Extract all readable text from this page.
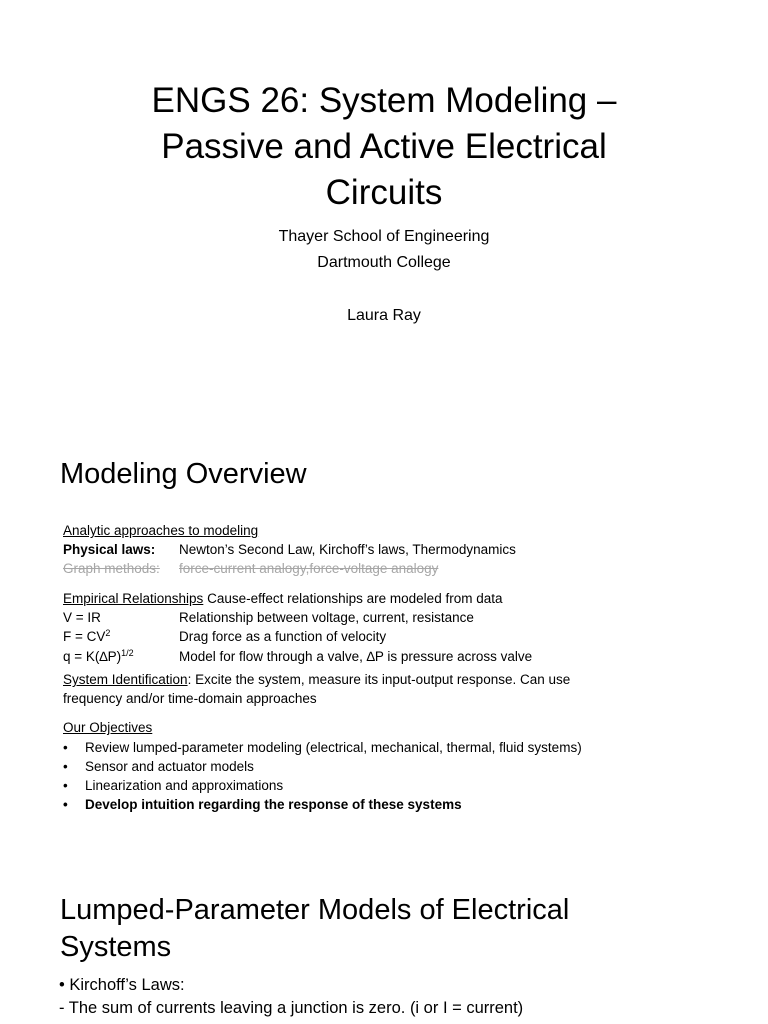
ENGS 26: System Modeling –
Passive and Active Electrical
Circuits
Thayer School of Engineering
Dartmouth College
Laura Ray
Modeling Overview
Analytic approaches to modeling
Physical laws: Newton’s Second Law, Kirchoff’s laws, Thermodynamics
Graph methods: force-current analogy,force-voltage analogy
Empirical Relationships Cause-effect relationships are modeled from data
V = IR	Relationship between voltage, current, resistance
$F = CV^2$	Drag force as a function of velocity
$q = K(\Delta P)^{1/2}$	Model for flow through a valve, ∆P is pressure across valve
System Identification: Excite the system, measure its input-output response. Can use
frequency and/or time-domain approaches
Our Objectives
• Review lumped-parameter modeling (electrical, mechanical, thermal, fluid systems)
• Sensor and actuator models
• Linearization and approximations
• Develop intuition regarding the response of these systems
Lumped-Parameter Models of Electrical
Systems
• Kirchoff’s Laws:
- The sum of currents leaving a junction is zero. (i or I = current)
